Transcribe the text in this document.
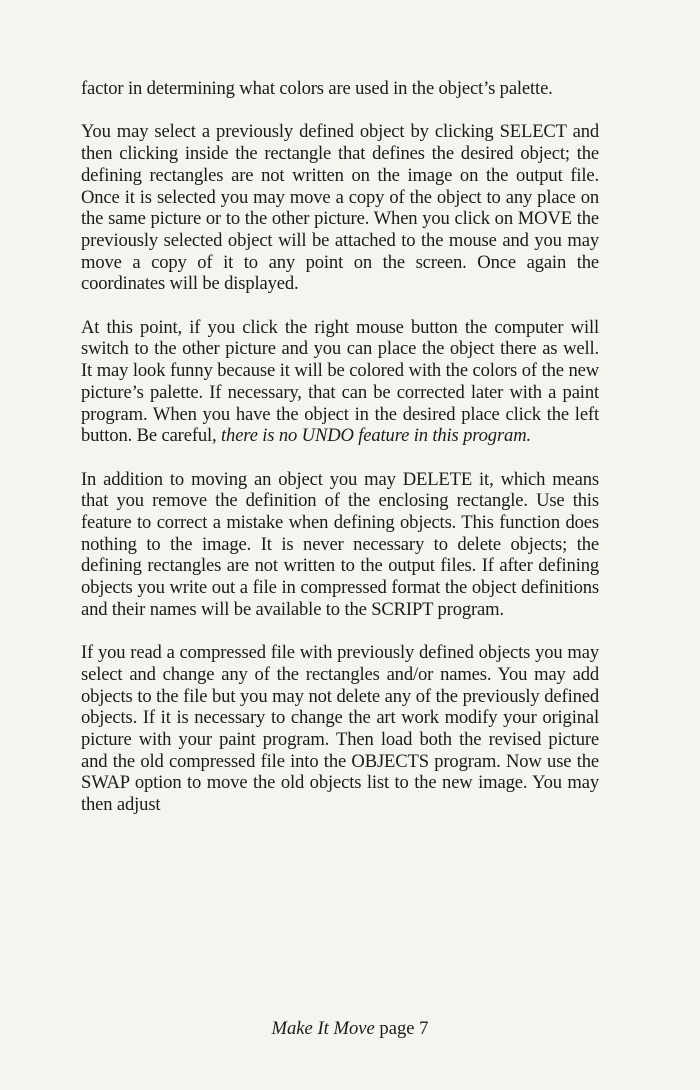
factor in determining what colors are used in the object’s palette.

You may select a previously defined object by clicking SELECT and then clicking inside the rectangle that defines the desired object; the defining rectangles are not written on the image on the output file. Once it is selected you may move a copy of the object to any place on the same picture or to the other picture. When you click on MOVE the previously selected object will be attached to the mouse and you may move a copy of it to any point on the screen. Once again the coordinates will be displayed.

At this point, if you click the right mouse button the computer will switch to the other picture and you can place the object there as well. It may look funny because it will be colored with the colors of the new picture’s palette. If necessary, that can be corrected later with a paint program. When you have the object in the desired place click the left button. Be careful, there is no UNDO feature in this program.

In addition to moving an object you may DELETE it, which means that you remove the definition of the enclosing rectangle. Use this feature to correct a mistake when defining objects. This function does nothing to the image. It is never necessary to delete objects; the defining rectangles are not written to the output files. If after defining objects you write out a file in compressed format the object definitions and their names will be available to the SCRIPT program.

If you read a compressed file with previously defined objects you may select and change any of the rectangles and/or names. You may add objects to the file but you may not delete any of the previously defined objects. If it is necessary to change the art work modify your original picture with your paint program. Then load both the revised picture and the old compressed file into the OBJECTS program. Now use the SWAP option to move the old objects list to the new image. You may then adjust

Make It Move page 7
